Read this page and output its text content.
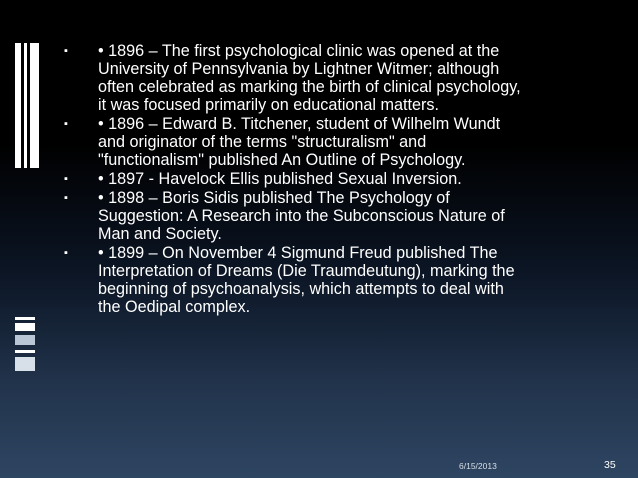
▪	• 1896 – The first psychological clinic was opened at the
University of Pennsylvania by Lightner Witmer; although
often celebrated as marking the birth of clinical psychology,
it was focused primarily on educational matters.
▪	• 1896 – Edward B. Titchener, student of Wilhelm Wundt
and originator of the terms "structuralism" and
"functionalism" published An Outline of Psychology.
▪	• 1897 - Havelock Ellis published Sexual Inversion.
▪	• 1898 – Boris Sidis published The Psychology of
Suggestion: A Research into the Subconscious Nature of
Man and Society.
▪	• 1899 – On November 4 Sigmund Freud published The
Interpretation of Dreams (Die Traumdeutung), marking the
beginning of psychoanalysis, which attempts to deal with
the Oedipal complex.
6/15/2013	35
